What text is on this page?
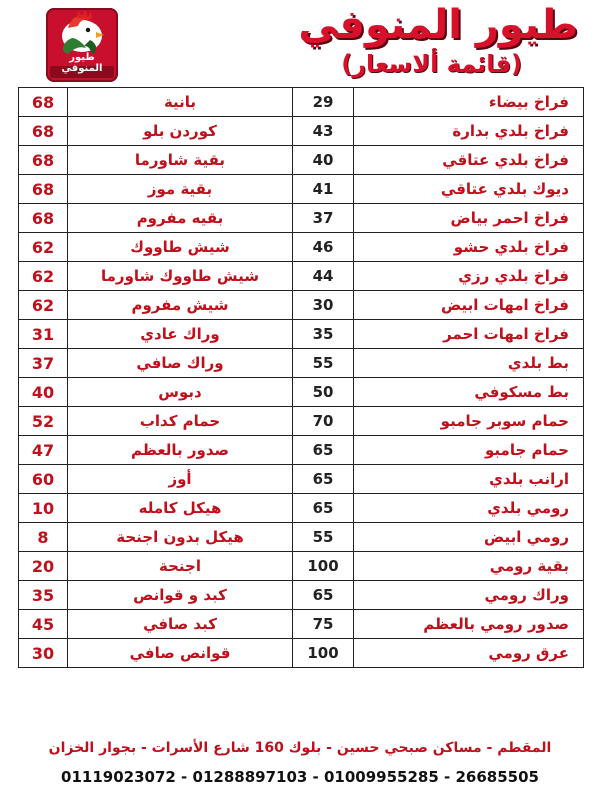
طيور المنوفي
طيور المنوفي
(قائمة ألاسعار)
68	بانية	29	فراخ بيضاء
68	كوردن بلو	43	فراخ بلدي بدارة
68	بقية شاورما	40	فراخ بلدي عتاقي
68	بقية موز	41	ديوك بلدي عتاقي
68	بقيه مفروم	37	فراخ احمر بياض
62	شيش طاووك	46	فراخ بلدي حشو
62	شيش طاووك شاورما	44	فراخ بلدي رزي
62	شيش مفروم	30	فراخ امهات ابيض
31	وراك عادي	35	فراخ امهات احمر
37	وراك صافي	55	بط بلدي
40	دبوس	50	بط مسكوفي
52	حمام كداب	70	حمام سوبر جامبو
47	صدور بالعظم	65	حمام جامبو
60	أوز	65	ارانب بلدي
10	هيكل كامله	65	رومي بلدي
8	هيكل بدون اجنحة	55	رومي ابيض
20	اجنحة	100	بقية رومي
35	كبد و قوانص	65	وراك رومي
45	كبد صافي	75	صدور رومي بالعظم
30	قوانص صافي	100	عرق رومي
المقطم - مساكن صبحي حسين - بلوك 160 شارع الأسرات - بجوار الخزان
01119023072 - 01288897103 - 01009955285 - 26685505
